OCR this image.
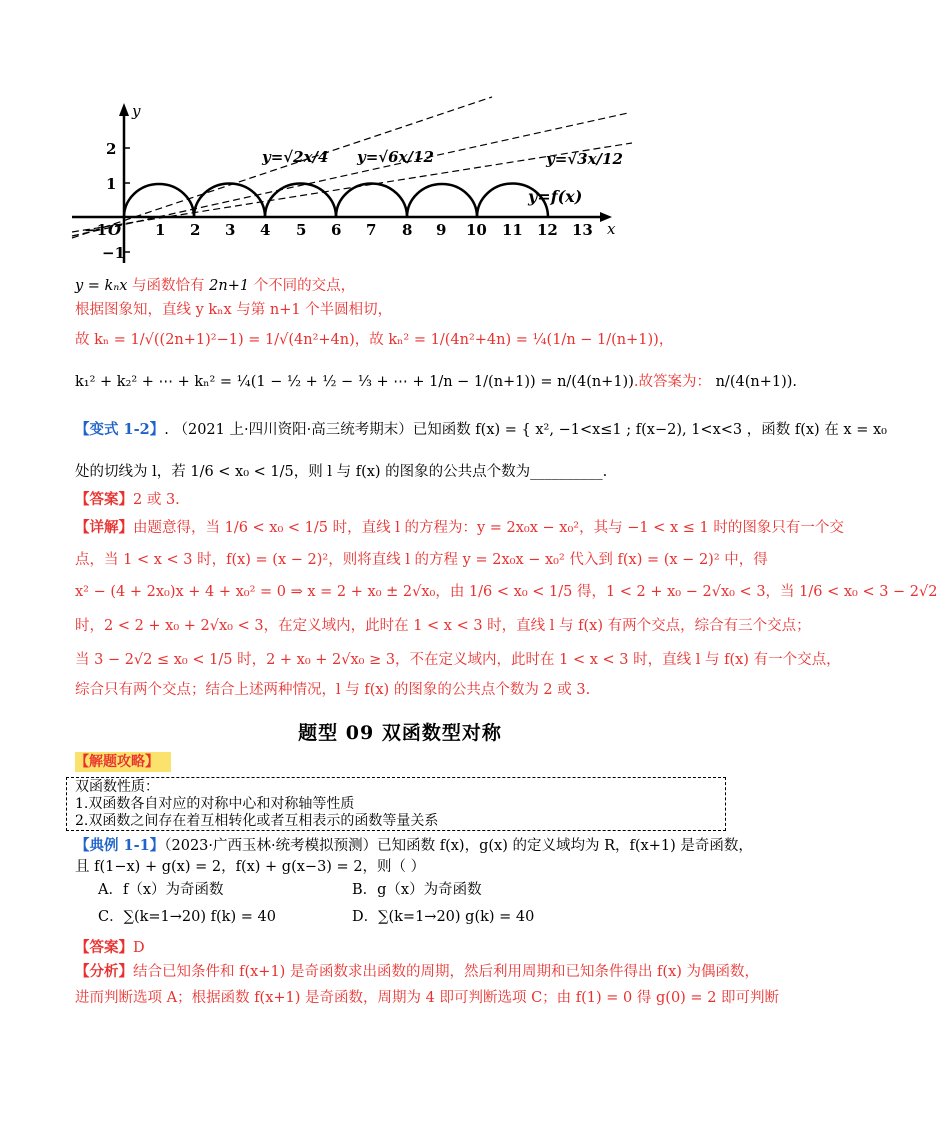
y
x
O
2
1
−1
−1	1 2 3 4 5 6 7 8 9 10 11 12 13
y=√2x/4 y=√6x/12	y=√3x/12
y=f(x)
y = kₙx 与函数恰有 2n+1 个不同的交点，
根据图象知，直线 y kₙx 与第 n+1 个半圆相切，
故 kₙ = 1/√((2n+1)²−1) = 1/√(4n²+4n)，故 kₙ² = 1/(4n²+4n) = ¼(1/n − 1/(n+1))，
k₁² + k₂² + ⋯ + kₙ² = ¼(1 − ½ + ½ − ⅓ + ⋯ + 1/n − 1/(n+1)) = n/(4(n+1)).故答案为： n/(4(n+1)).
【变式 1-2】. （2021 上·四川资阳·高三统考期末）已知函数 f(x) = { x², −1<x≤1 ; f(x−2), 1<x<3 ，函数 f(x) 在 x = x₀
处的切线为 l，若 1/6 < x₀ < 1/5，则 l 与 f(x) 的图象的公共点个数为__________.
【答案】2 或 3.
【详解】由题意得，当 1/6 < x₀ < 1/5 时，直线 l 的方程为：y = 2x₀x − x₀²，其与 −1 < x ≤ 1 时的图象只有一个交
点，当 1 < x < 3 时，f(x) = (x − 2)²，则将直线 l 的方程 y = 2x₀x − x₀² 代入到 f(x) = (x − 2)² 中，得
x² − (4 + 2x₀)x + 4 + x₀² = 0 ⇒ x = 2 + x₀ ± 2√x₀，由 1/6 < x₀ < 1/5 得，1 < 2 + x₀ − 2√x₀ < 3，当 1/6 < x₀ < 3 − 2√2
时，2 < 2 + x₀ + 2√x₀ < 3，在定义域内，此时在 1 < x < 3 时，直线 l 与 f(x) 有两个交点，综合有三个交点；
当 3 − 2√2 ≤ x₀ < 1/5 时，2 + x₀ + 2√x₀ ≥ 3，不在定义域内，此时在 1 < x < 3 时，直线 l 与 f(x) 有一个交点，
综合只有两个交点；结合上述两种情况，l 与 f(x) 的图象的公共点个数为 2 或 3.
题型 09 双函数型对称
【解题攻略】
双函数性质：
1.双函数各自对应的对称中心和对称轴等性质
2.双函数之间存在着互相转化或者互相表示的函数等量关系
【典例 1-1】（2023·广西玉林·统考模拟预测）已知函数 f(x)，g(x) 的定义域均为 R，f(x+1) 是奇函数，
且 f(1−x) + g(x) = 2，f(x) + g(x−3) = 2，则（ ）
A．f（x）为奇函数	B．g（x）为奇函数
C．∑(k=1→20) f(k) = 40	D．∑(k=1→20) g(k) = 40
【答案】D
【分析】结合已知条件和 f(x+1) 是奇函数求出函数的周期，然后利用周期和已知条件得出 f(x) 为偶函数，
进而判断选项 A；根据函数 f(x+1) 是奇函数，周期为 4 即可判断选项 C；由 f(1) = 0 得 g(0) = 2 即可判断
